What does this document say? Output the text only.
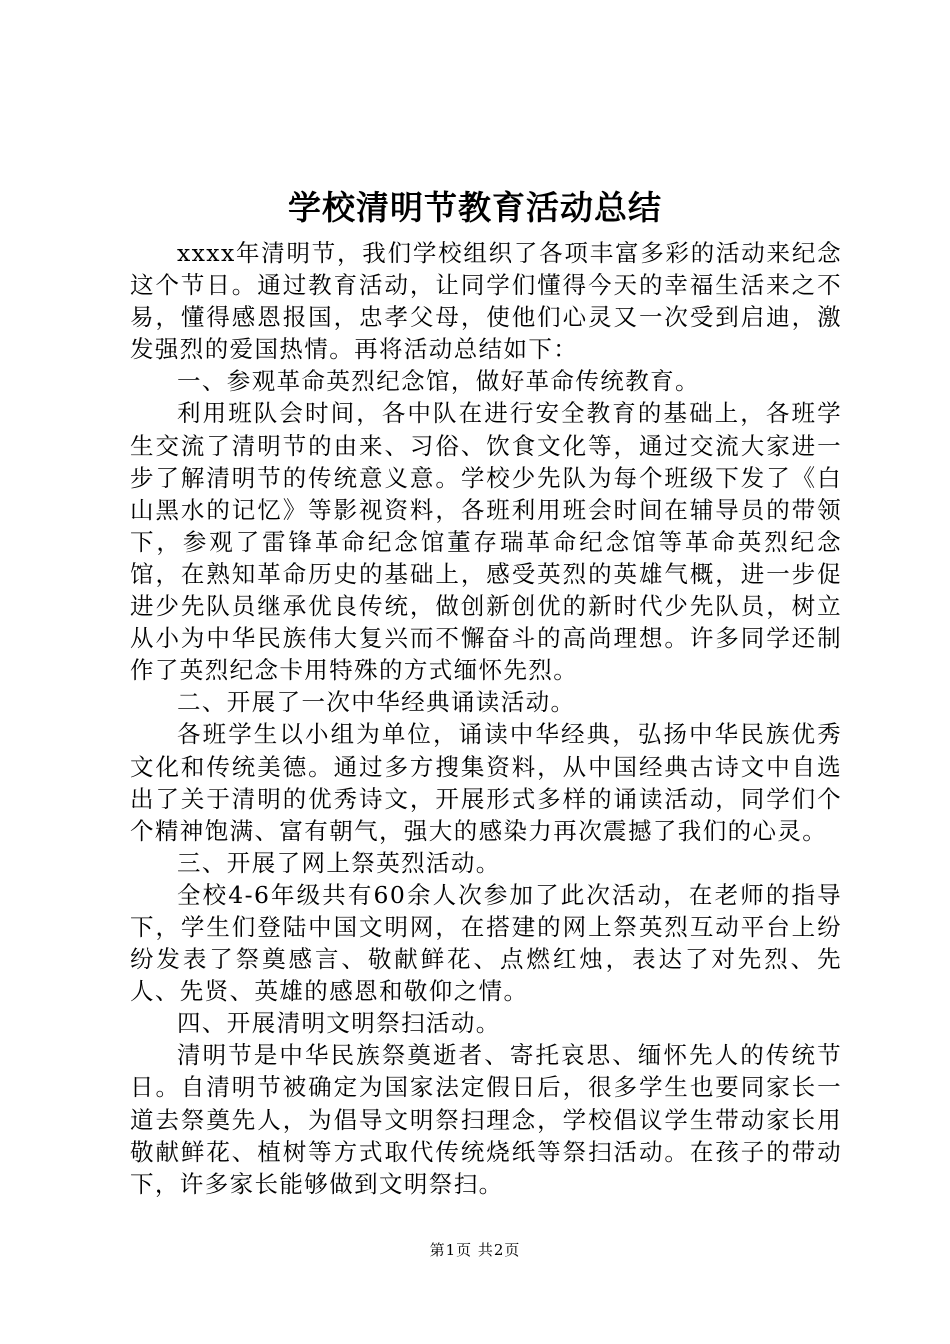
学校清明节教育活动总结

xxxx年清明节，我们学校组织了各项丰富多彩的活动来纪念这个节日。通过教育活动，让同学们懂得今天的幸福生活来之不易，懂得感恩报国，忠孝父母，使他们心灵又一次受到启迪，激发强烈的爱国热情。再将活动总结如下：

一、参观革命英烈纪念馆，做好革命传统教育。

利用班队会时间，各中队在进行安全教育的基础上，各班学生交流了清明节的由来、习俗、饮食文化等，通过交流大家进一步了解清明节的传统意义意。学校少先队为每个班级下发了《白山黑水的记忆》等影视资料，各班利用班会时间在辅导员的带领下，参观了雷锋革命纪念馆董存瑞革命纪念馆等革命英烈纪念馆，在熟知革命历史的基础上，感受英烈的英雄气概，进一步促进少先队员继承优良传统，做创新创优的新时代少先队员，树立从小为中华民族伟大复兴而不懈奋斗的高尚理想。许多同学还制作了英烈纪念卡用特殊的方式缅怀先烈。

二、开展了一次中华经典诵读活动。

各班学生以小组为单位，诵读中华经典，弘扬中华民族优秀文化和传统美德。通过多方搜集资料，从中国经典古诗文中自选出了关于清明的优秀诗文，开展形式多样的诵读活动，同学们个个精神饱满、富有朝气，强大的感染力再次震撼了我们的心灵。

三、开展了网上祭英烈活动。

全校4-6年级共有60余人次参加了此次活动，在老师的指导下，学生们登陆中国文明网，在搭建的网上祭英烈互动平台上纷纷发表了祭奠感言、敬献鲜花、点燃红烛，表达了对先烈、先人、先贤、英雄的感恩和敬仰之情。

四、开展清明文明祭扫活动。

清明节是中华民族祭奠逝者、寄托哀思、缅怀先人的传统节日。自清明节被确定为国家法定假日后，很多学生也要同家长一道去祭奠先人，为倡导文明祭扫理念，学校倡议学生带动家长用敬献鲜花、植树等方式取代传统烧纸等祭扫活动。在孩子的带动下，许多家长能够做到文明祭扫。

第1页 共2页
